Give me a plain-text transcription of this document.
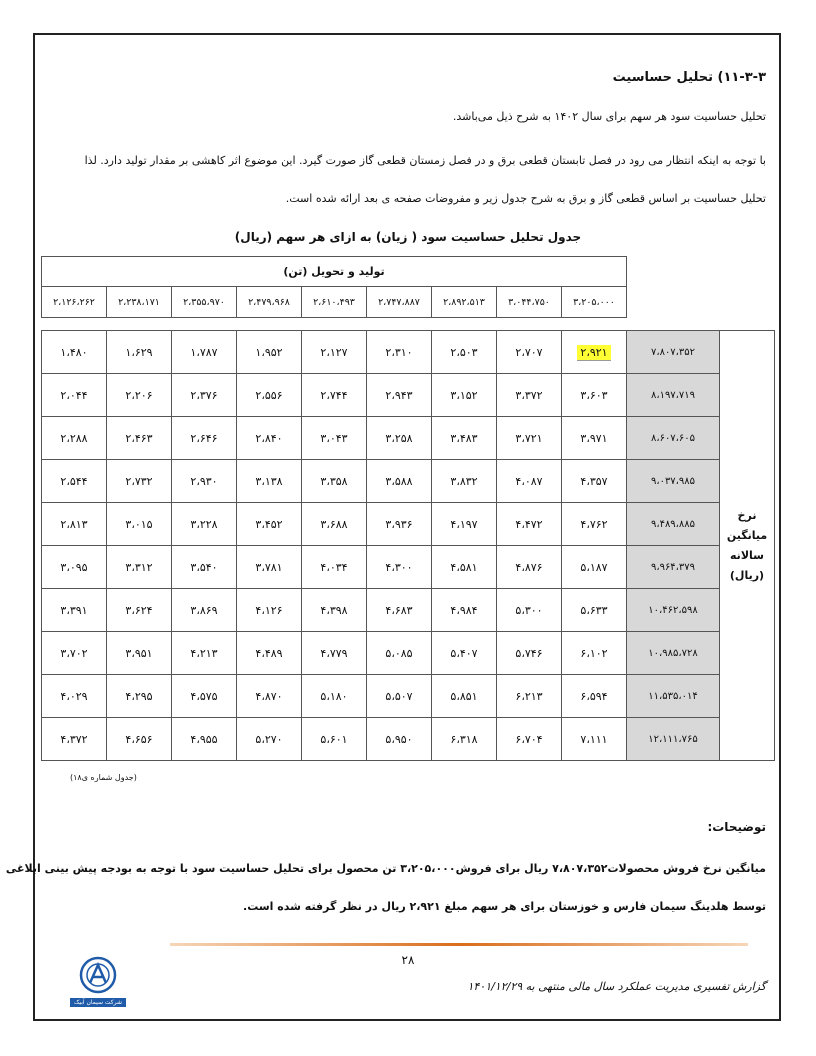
۱۱-۳-۳) تحلیل حساسیت
تحلیل حساسیت سود هر سهم برای سال ۱۴۰۲ به شرح ذیل می‌باشد.
با توجه به اینکه انتظار می رود در فصل تابستان قطعی برق و در فصل زمستان قطعی گاز صورت گیرد. این موضوع اثر کاهشی بر مقدار تولید دارد. لذا
تحلیل حساسیت بر اساس قطعی گاز و برق به شرح جدول زیر و مفروضات صفحه ی بعد ارائه شده است.
جدول تحلیل حساسیت سود ( زیان) به ازای هر سهم (ریال)
		تولید و تحویل (تن)								
		۳،۲۰۵،۰۰۰	۳،۰۴۴،۷۵۰	۲،۸۹۲،۵۱۳	۲،۷۴۷،۸۸۷	۲،۶۱۰،۴۹۳	۲،۴۷۹،۹۶۸	۲،۳۵۵،۹۷۰	۲،۲۳۸،۱۷۱	۲،۱۲۶،۲۶۲

نرخ
میانگین
سالانه
(ریال)	۷،۸۰۷،۳۵۲	۲،۹۲۱	۲،۷۰۷	۲،۵۰۳	۲،۳۱۰	۲،۱۲۷	۱،۹۵۲	۱،۷۸۷	۱،۶۲۹	۱،۴۸۰
	۸،۱۹۷،۷۱۹	۳،۶۰۳	۳،۳۷۲	۳،۱۵۲	۲،۹۴۳	۲،۷۴۴	۲،۵۵۶	۲،۳۷۶	۲،۲۰۶	۲،۰۴۴
	۸،۶۰۷،۶۰۵	۳،۹۷۱	۳،۷۲۱	۳،۴۸۳	۳،۲۵۸	۳،۰۴۳	۲،۸۴۰	۲،۶۴۶	۲،۴۶۳	۲،۲۸۸
	۹،۰۳۷،۹۸۵	۴،۳۵۷	۴،۰۸۷	۳،۸۳۲	۳،۵۸۸	۳،۳۵۸	۳،۱۳۸	۲،۹۳۰	۲،۷۳۲	۲،۵۴۴
	۹،۴۸۹،۸۸۵	۴،۷۶۲	۴،۴۷۲	۴،۱۹۷	۳،۹۳۶	۳،۶۸۸	۳،۴۵۲	۳،۲۲۸	۳،۰۱۵	۲،۸۱۳
	۹،۹۶۴،۳۷۹	۵،۱۸۷	۴،۸۷۶	۴،۵۸۱	۴،۳۰۰	۴،۰۳۴	۳،۷۸۱	۳،۵۴۰	۳،۳۱۲	۳،۰۹۵
	۱۰،۴۶۲،۵۹۸	۵،۶۳۳	۵،۳۰۰	۴،۹۸۴	۴،۶۸۳	۴،۳۹۸	۴،۱۲۶	۳،۸۶۹	۳،۶۲۴	۳،۳۹۱
	۱۰،۹۸۵،۷۲۸	۶،۱۰۲	۵،۷۴۶	۵،۴۰۷	۵،۰۸۵	۴،۷۷۹	۴،۴۸۹	۴،۲۱۳	۳،۹۵۱	۳،۷۰۲
	۱۱،۵۳۵،۰۱۴	۶،۵۹۴	۶،۲۱۳	۵،۸۵۱	۵،۵۰۷	۵،۱۸۰	۴،۸۷۰	۴،۵۷۵	۴،۲۹۵	۴،۰۲۹
	۱۲،۱۱۱،۷۶۵	۷،۱۱۱	۶،۷۰۴	۶،۳۱۸	۵،۹۵۰	۵،۶۰۱	۵،۲۷۰	۴،۹۵۵	۴،۶۵۶	۴،۳۷۲
(جدول شماره ی۱۸)
توضیحات:
میانگین نرخ فروش محصولات۷،۸۰۷،۳۵۲ ریال برای فروش۳،۲۰۵،۰۰۰ تن محصول برای تحلیل حساسیت سود با توجه به بودجه پیش بینی ابلاغی
توسط هلدینگ سیمان فارس و خوزستان برای هر سهم مبلغ ۲،۹۲۱ ریال در نظر گرفته شده است.
۲۸
گزارش تفسیری مدیریت عملکرد سال مالی منتهی به ۱۴۰۱/۱۲/۲۹
شرکت سیمان آبیک
